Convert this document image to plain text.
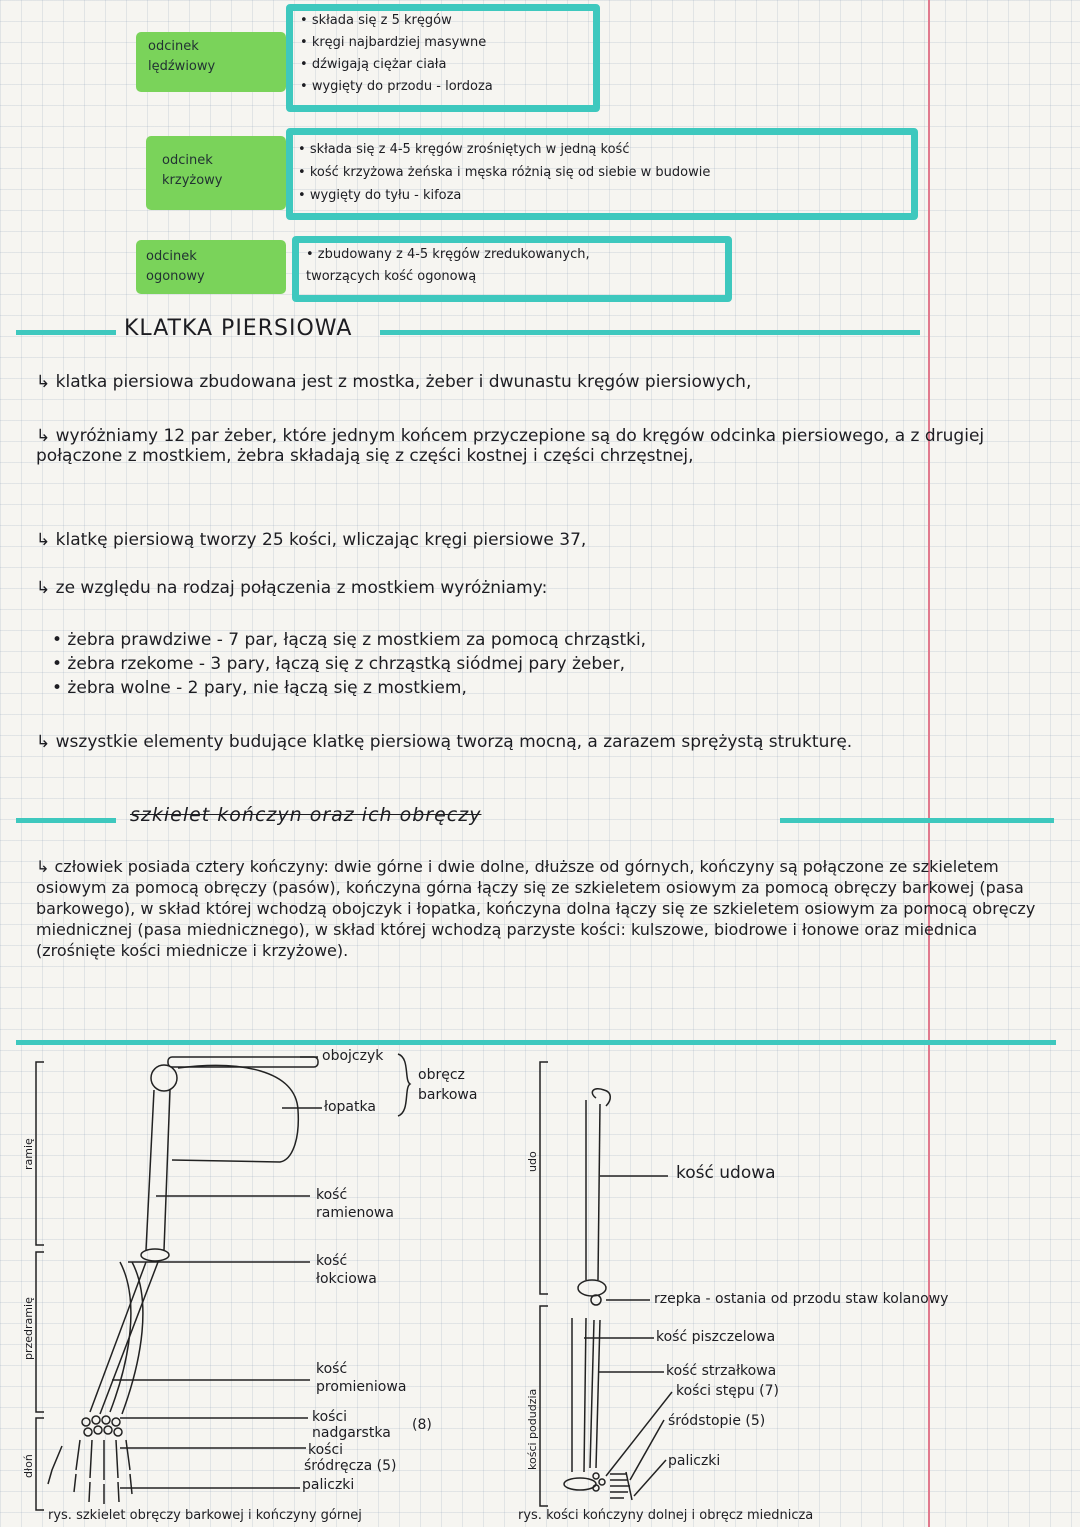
odcinek
lędźwiowy
• składa się z 5 kręgów
• kręgi najbardziej masywne
• dźwigają ciężar ciała
• wygięty do przodu - lordoza
odcinek
krzyżowy
• składa się z 4-5 kręgów zrośniętych w jedną kość
• kość krzyżowa żeńska i męska różnią się od siebie w budowie
• wygięty do tyłu - kifoza
odcinek
ogonowy
• zbudowany z 4-5 kręgów zredukowanych,
tworzących kość ogonową
KLATKA PIERSIOWA
↳ klatka piersiowa zbudowana jest z mostka, żeber i dwunastu kręgów piersiowych,
↳ wyróżniamy 12 par żeber, które jednym końcem przyczepione są do kręgów odcinka piersiowego, a z drugiej połączone z mostkiem, żebra składają się z części kostnej i części chrzęstnej,
↳ klatkę piersiową tworzy 25 kości, wliczając kręgi piersiowe 37,
↳ ze względu na rodzaj połączenia z mostkiem wyróżniamy:
• żebra prawdziwe - 7 par, łączą się z mostkiem za pomocą chrząstki,
• żebra rzekome - 3 pary, łączą się z chrząstką siódmej pary żeber,
• żebra wolne - 2 pary, nie łączą się z mostkiem,
↳ wszystkie elementy budujące klatkę piersiową tworzą mocną, a zarazem sprężystą strukturę.
szkielet kończyn oraz ich obręczy
↳ człowiek posiada cztery kończyny: dwie górne i dwie dolne, dłuższe od górnych, kończyny są połączone ze szkieletem osiowym za pomocą obręczy (pasów), kończyna górna łączy się ze szkieletem osiowym za pomocą obręczy barkowej (pasa barkowego), w skład której wchodzą obojczyk i łopatka, kończyna dolna łączy się ze szkieletem osiowym za pomocą obręczy miednicznej (pasa miednicznego), w skład której wchodzą parzyste kości: kulszowe, biodrowe i łonowe oraz miednica (zrośnięte kości miednicze i krzyżowe).
ramię
przedramię
dłoń
obojczyk
łopatka
obręcz
barkowa
kość
ramienowa
kość
łokciowa
kość
promieniowa
kości
nadgarstka (8)
kości
śródręcza (5)
paliczki
udo
kości podudzia
kość udowa
rzepka - ostania od przodu staw kolanowy
kość piszczelowa
kość strzałkowa
kości stępu (7)
śródstopie (5)
paliczki
rys. szkielet obręczy barkowej i kończyny górnej	rys. kości kończyny dolnej i obręcz miednicza
